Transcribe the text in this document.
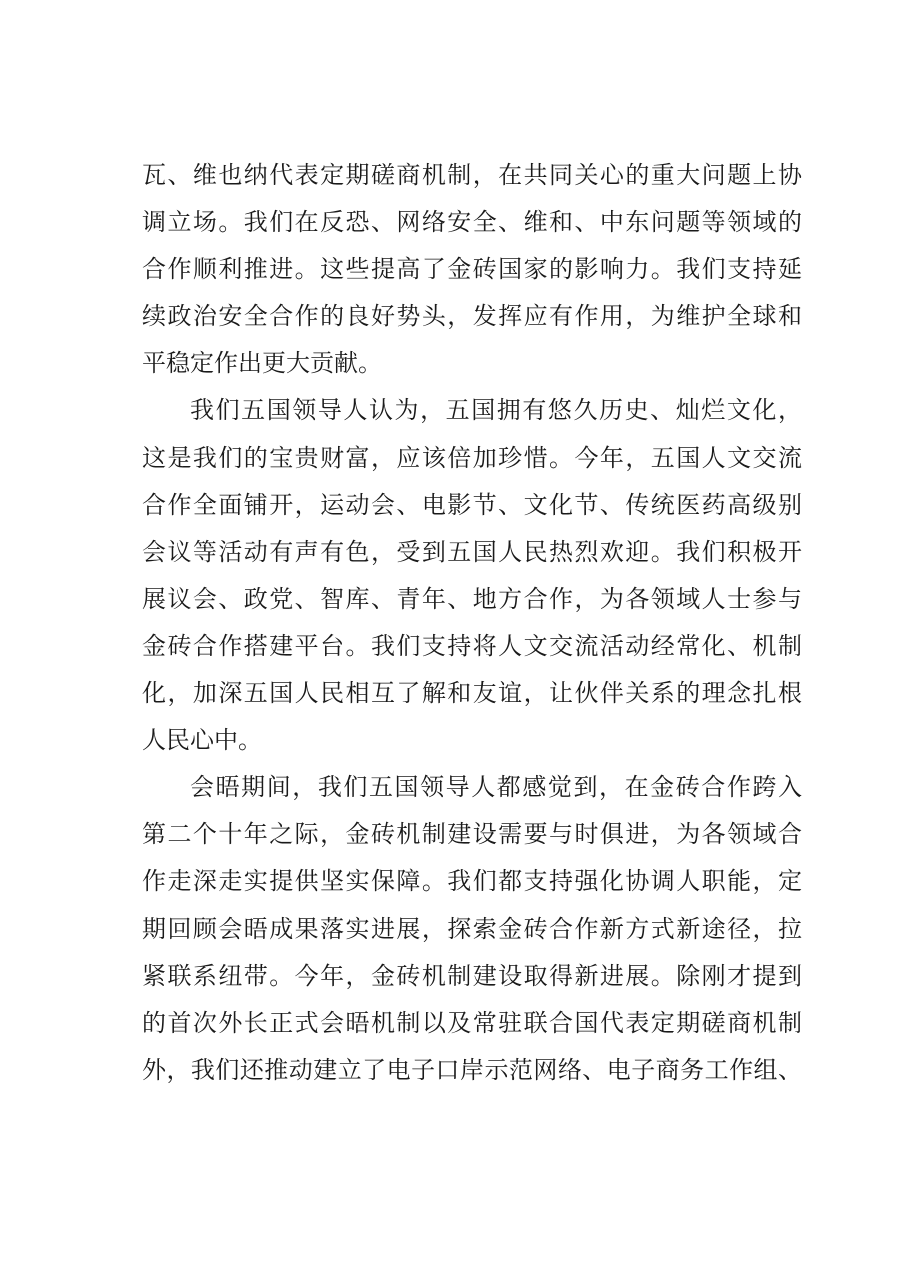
瓦、维也纳代表定期磋商机制，在共同关心的重大问题上协
调立场。我们在反恐、网络安全、维和、中东问题等领域的
合作顺利推进。这些提高了金砖国家的影响力。我们支持延
续政治安全合作的良好势头，发挥应有作用，为维护全球和
平稳定作出更大贡献。
我们五国领导人认为，五国拥有悠久历史、灿烂文化，
这是我们的宝贵财富，应该倍加珍惜。今年，五国人文交流
合作全面铺开，运动会、电影节、文化节、传统医药高级别
会议等活动有声有色，受到五国人民热烈欢迎。我们积极开
展议会、政党、智库、青年、地方合作，为各领域人士参与
金砖合作搭建平台。我们支持将人文交流活动经常化、机制
化，加深五国人民相互了解和友谊，让伙伴关系的理念扎根
人民心中。
会晤期间，我们五国领导人都感觉到，在金砖合作跨入
第二个十年之际，金砖机制建设需要与时俱进，为各领域合
作走深走实提供坚实保障。我们都支持强化协调人职能，定
期回顾会晤成果落实进展，探索金砖合作新方式新途径，拉
紧联系纽带。今年，金砖机制建设取得新进展。除刚才提到
的首次外长正式会晤机制以及常驻联合国代表定期磋商机制
外，我们还推动建立了电子口岸示范网络、电子商务工作组、
